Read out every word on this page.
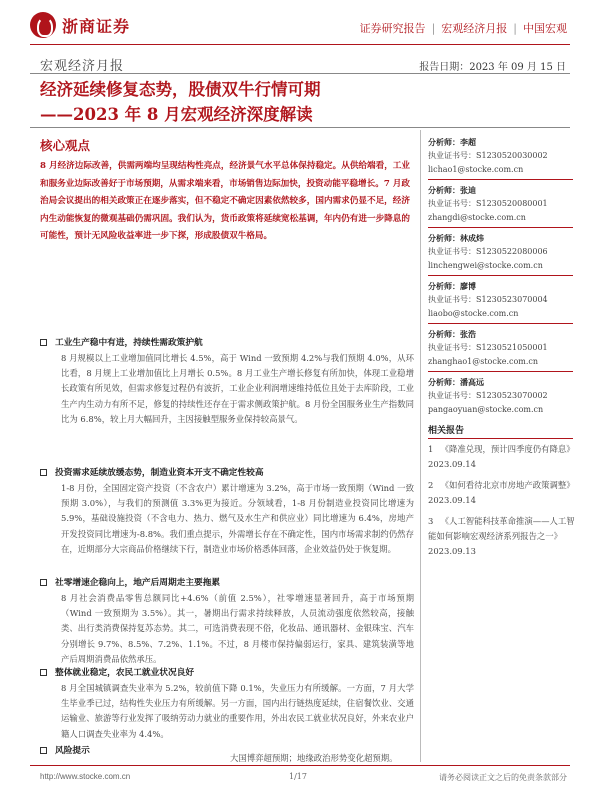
浙商证券	证券研究报告 | 宏观经济月报 | 中国宏观
宏观经济月报	报告日期：2023 年 09 月 15 日
经济延续修复态势，股债双牛行情可期
——2023 年 8 月宏观经济深度解读
核心观点
8 月经济边际改善，供需两端均呈现结构性亮点，经济景气水平总体保持稳定。从供给端看，工业和服务业边际改善好于市场预期，从需求端来看，市场销售边际加快，投资动能平稳增长。7 月政治局会议提出的相关政策正在逐步落实，但不稳定不确定因素依然较多，国内需求仍显不足，经济内生动能恢复的微观基础仍需巩固。我们认为，货币政策将延续宽松基调，年内仍有进一步降息的可能性，预计无风险收益率进一步下探，形成股债双牛格局。
工业生产稳中有进，持续性需政策护航
8 月规模以上工业增加值同比增长 4.5%，高于 Wind 一致预期 4.2%与我们预期 4.0%，从环比看，8 月规上工业增加值比上月增长 0.5%。8 月工业生产增长修复有所加快，体现工业稳增长政策有所见效，但需求修复过程仍有波折，工业企业利润增速维持低位且处于去库阶段，工业生产内生动力有所不足，修复的持续性还存在于需求侧政策护航。8 月份全国服务业生产指数同比为 6.8%，较上月大幅回升，主因接触型服务业保持较高景气。
投资需求延续放缓态势，制造业资本开支不确定性较高
1-8 月份，全国固定资产投资（不含农户）累计增速为 3.2%，高于市场一致预期（Wind 一致预期 3.0%），与我们的预测值 3.3%更为接近。分领域看，1-8 月份制造业投资同比增速为 5.9%，基础设施投资（不含电力、热力、燃气及水生产和供应业）同比增速为 6.4%，房地产开发投资同比增速为-8.8%。我们重点提示，外需增长存在不确定性，国内市场需求制约仍然存在，近期部分大宗商品价格继续下行，制造业市场价格悉体回落，企业效益仍处于恢复期。
社零增速企稳向上，地产后周期走主要拖累
8 月社会消费品零售总额同比+4.6%（前值 2.5%），社零增速显著回升，高于市场预期（Wind 一致预期为 3.5%）。其一，暑期出行需求持续释放，人员流动强度依然较高，接触类、出行类消费保持复苏态势。其二，可选消费表现不俗，化妆品、通讯器材、金银珠宝、汽车分别增长 9.7%、8.5%、7.2%、1.1%。不过，8 月楼市保持偏弱运行，家具、建筑装潢等地产后周期消费品依然承压。
整体就业稳定，农民工就业状况良好
8 月全国城镇调查失业率为 5.2%，较前值下降 0.1%，失业压力有所缓解。一方面，7 月大学生毕业季已过，结构性失业压力有所缓解。另一方面，国内出行链热度延续，住宿餐饮业、交通运输业、旅游等行业发挥了吸纳劳动力就业的重要作用，外出农民工就业状况良好，外来农业户籍人口调查失业率为 4.4%。
风险提示
大国博弈超预期；地缘政治形势变化超预期。
分析师：李超
执业证书号：S1230520030002
lichao1@stocke.com.cn
分析师：张迪
执业证书号：S1230520080001
zhangdi@stocke.com.cn
分析师：林成炜
执业证书号：S1230522080006
linchengwei@stocke.com.cn
分析师：廖博
执业证书号：S1230523070004
liaobo@stocke.com.cn
分析师：张浩
执业证书号：S1230521050001
zhanghao1@stocke.com.cn
分析师：潘高远
执业证书号：S1230523070002
pangaoyuan@stocke.com.cn
相关报告
1 《降准兑现，预计四季度仍有降息》 2023.09.14
2 《如何看待北京市房地产政策调整》2023.09.14
3 《人工智能科技革命推演——人工智能如何影响宏观经济系列报告之一》 2023.09.13
http://www.stocke.com.cn	1/17	请务必阅读正文之后的免责条款部分
